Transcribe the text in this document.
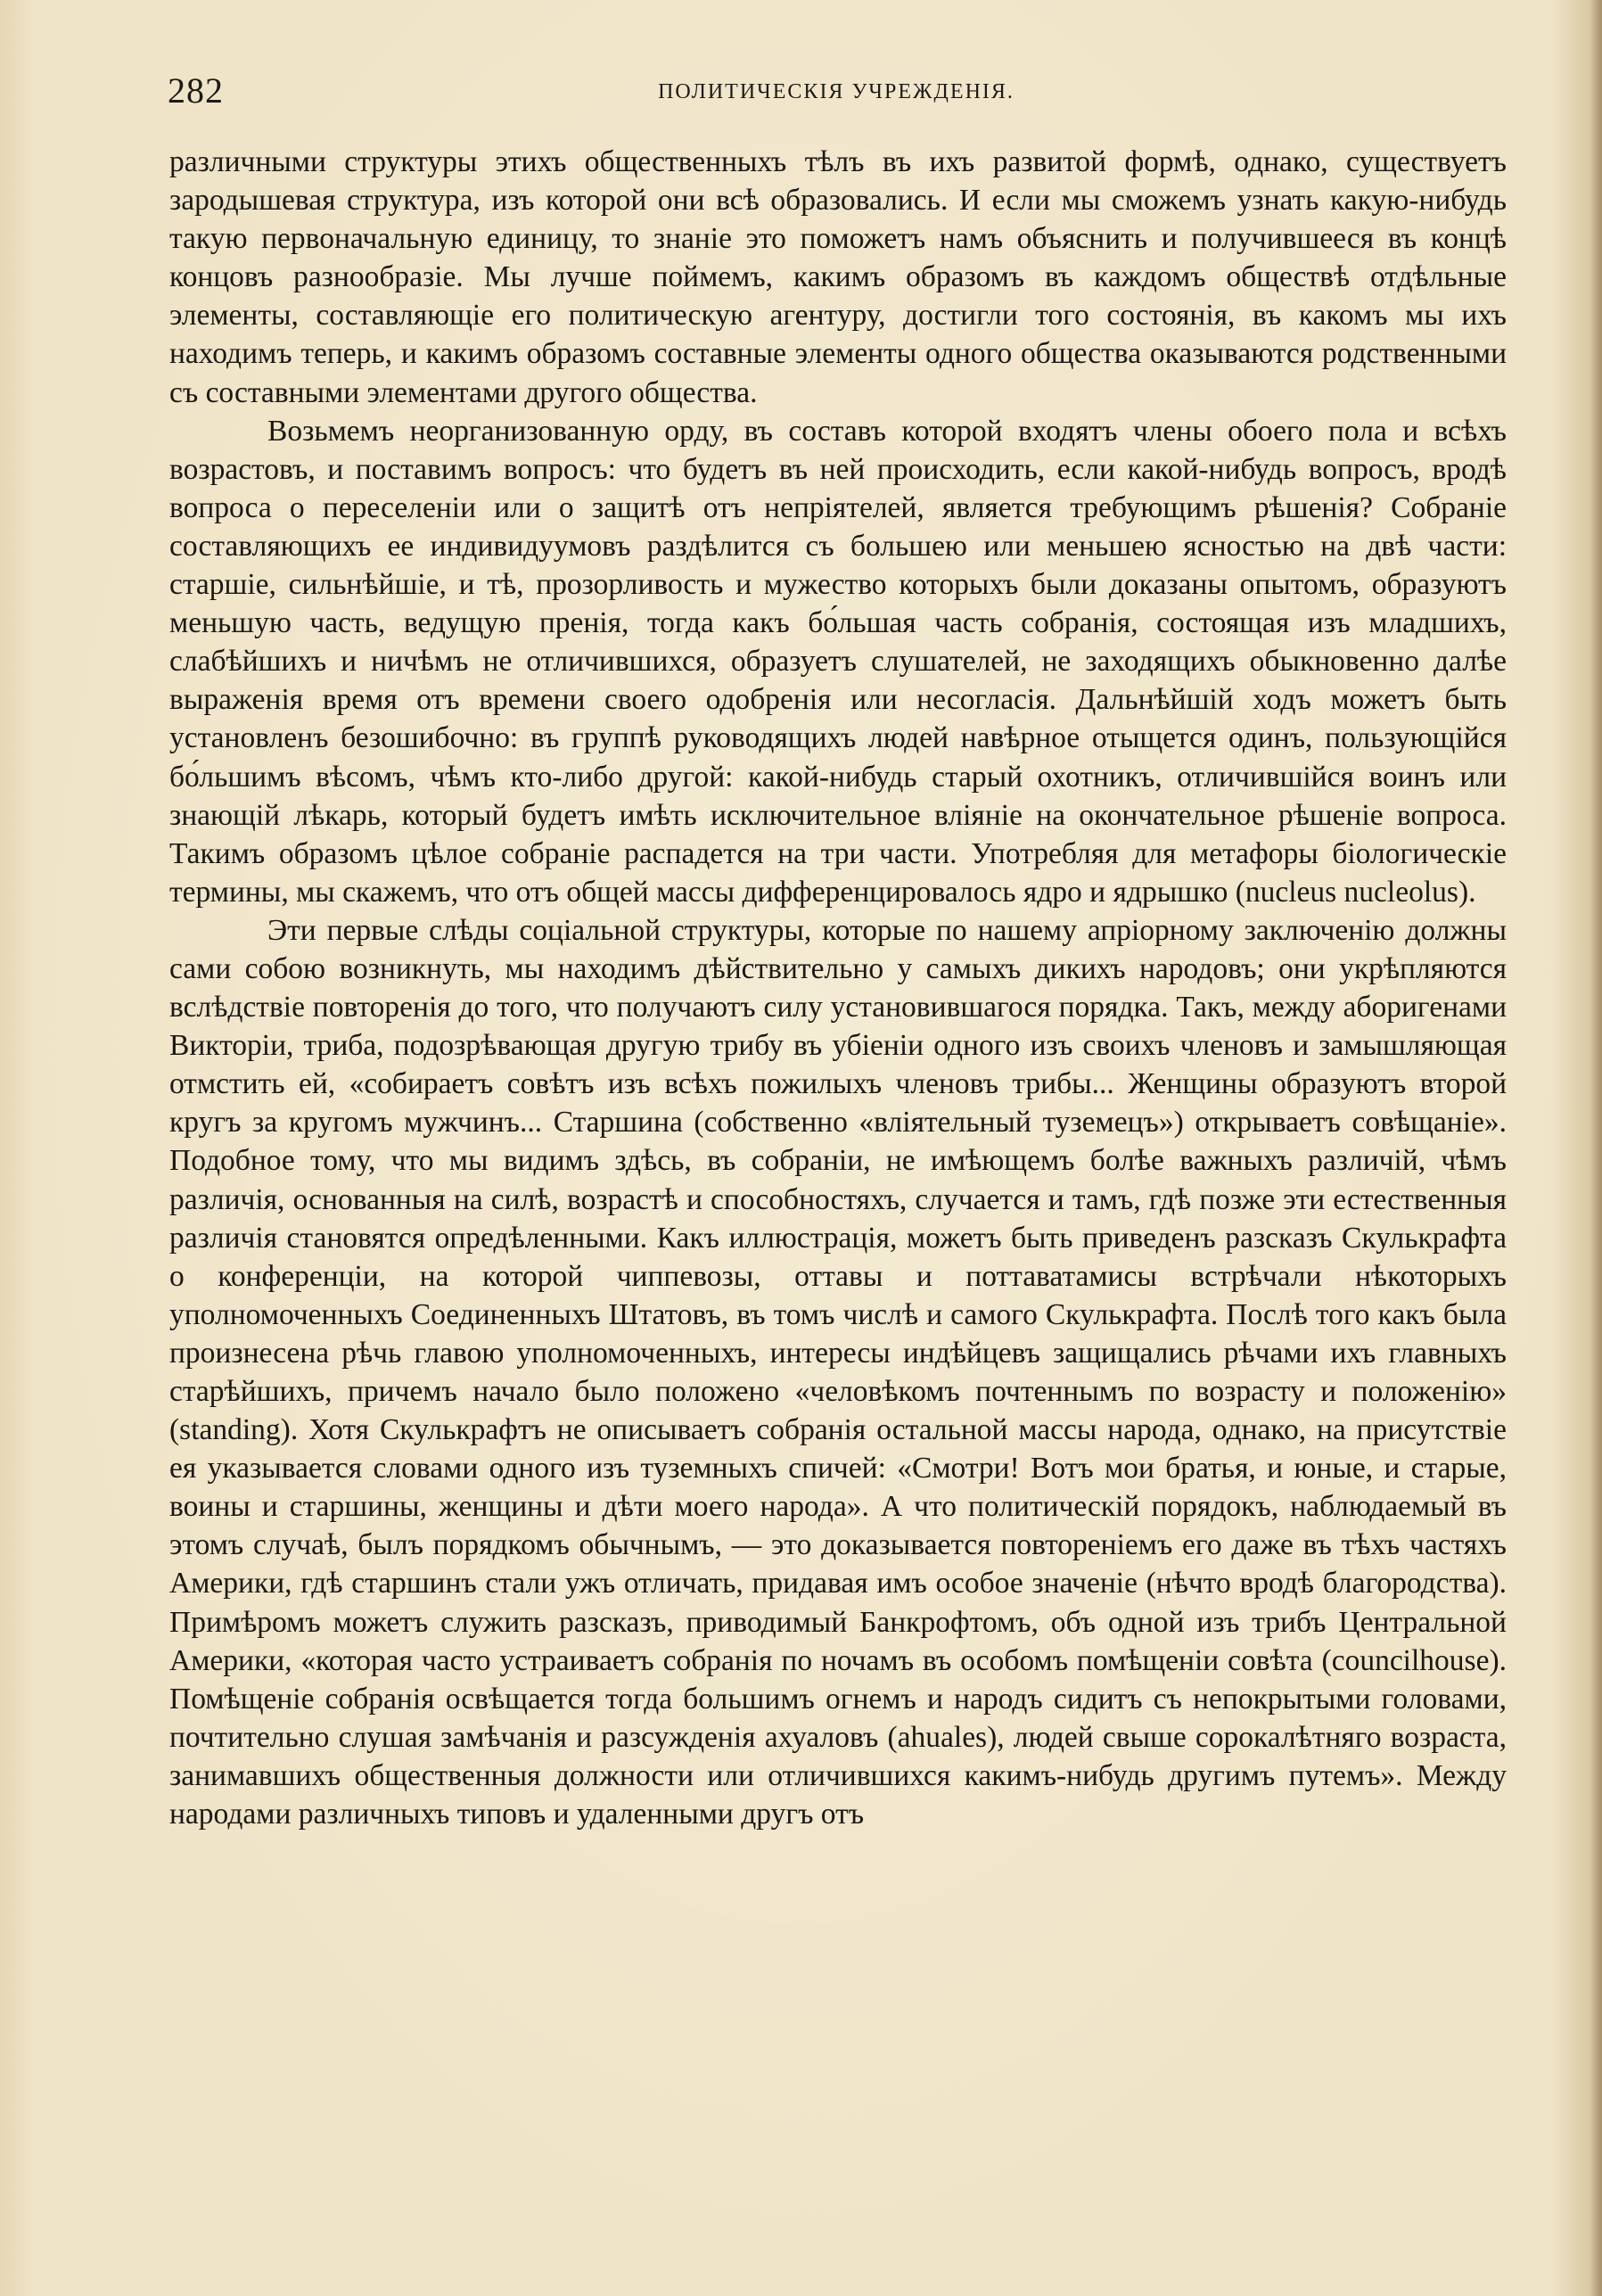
282	ПОЛИТИЧЕСКІЯ УЧРЕЖДЕНІЯ.

различными структуры этихъ общественныхъ тѣлъ въ ихъ развитой формѣ, однако, существуетъ зародышевая структура, изъ которой они всѣ образовались. И если мы сможемъ узнать какую-нибудь такую первоначальную единицу, то знаніе это поможетъ намъ объяснить и получившееся въ концѣ концовъ разнообразіе. Мы лучше поймемъ, какимъ образомъ въ каждомъ обществѣ отдѣльные элементы, составляющіе его политическую агентуру, достигли того состоянія, въ какомъ мы ихъ находимъ теперь, и какимъ образомъ составные элементы одного общества оказываются родственными съ составными элементами другого общества.

Возьмемъ неорганизованную орду, въ составъ которой входятъ члены обоего пола и всѣхъ возрастовъ, и поставимъ вопросъ: что будетъ въ ней происходить, если какой-нибудь вопросъ, вродѣ вопроса о переселеніи или о защитѣ отъ непріятелей, является требующимъ рѣшенія? Собраніе составляющихъ ее индивидуумовъ раздѣлится съ большею или меньшею ясностью на двѣ части: старшіе, сильнѣйшіе, и тѣ, прозорливость и мужество которыхъ были доказаны опытомъ, образуютъ меньшую часть, ведущую пренія, тогда какъ бо́льшая часть собранія, состоящая изъ младшихъ, слабѣйшихъ и ничѣмъ не отличившихся, образуетъ слушателей, не заходящихъ обыкновенно далѣе выраженія время отъ времени своего одобренія или несогласія. Дальнѣйшій ходъ можетъ быть установленъ безошибочно: въ группѣ руководящихъ людей навѣрное отыщется одинъ, пользующійся бо́льшимъ вѣсомъ, чѣмъ кто-либо другой: какой-нибудь старый охотникъ, отличившійся воинъ или знающій лѣкарь, который будетъ имѣть исключительное вліяніе на окончательное рѣшеніе вопроса. Такимъ образомъ цѣлое собраніе распадется на три части. Употребляя для метафоры біологическіе термины, мы скажемъ, что отъ общей массы дифференцировалось ядро и ядрышко (nucleus nucleolus).

Эти первые слѣды соціальной структуры, которые по нашему апріорному заключенію должны сами собою возникнуть, мы находимъ дѣйствительно у самыхъ дикихъ народовъ; они укрѣпляются вслѣдствіе повторенія до того, что получаютъ силу установившагося порядка. Такъ, между аборигенами Викторіи, триба, подозрѣвающая другую трибу въ убіеніи одного изъ своихъ членовъ и замышляющая отмстить ей, «собираетъ совѣтъ изъ всѣхъ пожилыхъ членовъ трибы... Женщины образуютъ второй кругъ за кругомъ мужчинъ... Старшина (собственно «вліятельный туземецъ») открываетъ совѣщаніе». Подобное тому, что мы видимъ здѣсь, въ собраніи, не имѣющемъ болѣе важныхъ различій, чѣмъ различія, основанныя на силѣ, возрастѣ и способностяхъ, случается и тамъ, гдѣ позже эти естественныя различія становятся опредѣленными. Какъ иллюстрація, можетъ быть приведенъ разсказъ Скулькрафта о конференціи, на которой чиппевозы, оттавы и поттаватамисы встрѣчали нѣкоторыхъ уполномоченныхъ Соединенныхъ Штатовъ, въ томъ числѣ и самого Скулькрафта. Послѣ того какъ была произнесена рѣчь главою уполномоченныхъ, интересы индѣйцевъ защищались рѣчами ихъ главныхъ старѣйшихъ, причемъ начало было положено «человѣкомъ почтеннымъ по возрасту и положенію» (standing). Хотя Скулькрафтъ не описываетъ собранія остальной массы народа, однако, на присутствіе ея указывается словами одного изъ туземныхъ спичей: «Смотри! Вотъ мои братья, и юные, и старые, воины и старшины, женщины и дѣти моего народа». А что политическій порядокъ, наблюдаемый въ этомъ случаѣ, былъ порядкомъ обычнымъ, — это доказывается повтореніемъ его даже въ тѣхъ частяхъ Америки, гдѣ старшинъ стали ужъ отличать, придавая имъ особое значеніе (нѣчто вродѣ благородства). Примѣромъ можетъ служить разсказъ, приводимый Банкрофтомъ, объ одной изъ трибъ Центральной Америки, «которая часто устраиваетъ собранія по ночамъ въ особомъ помѣщеніи совѣта (councilhouse). Помѣщеніе собранія освѣщается тогда большимъ огнемъ и народъ сидитъ съ непокрытыми головами, почтительно слушая замѣчанія и разсужденія ахуаловъ (ahuales), людей свыше сорокалѣтняго возраста, занимавшихъ общественныя должности или отличившихся какимъ-нибудь другимъ путемъ». Между народами различныхъ типовъ и удаленными другъ отъ
